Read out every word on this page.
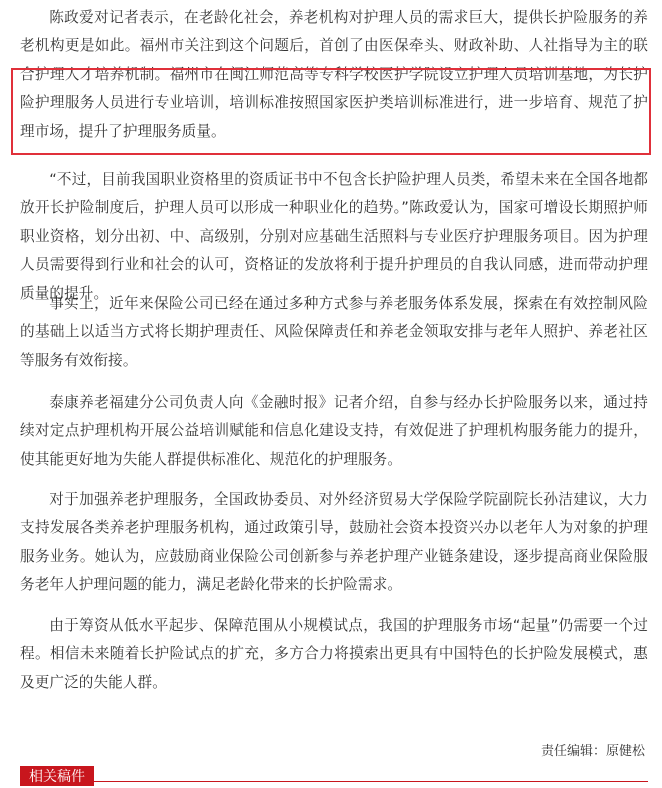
陈政爱对记者表示，在老龄化社会，养老机构对护理人员的需求巨大，提供长护险服务的养老机构更是如此。福州市关注到这个问题后，首创了由医保牵头、财政补助、人社指导为主的联合护理人才培养机制。福州市在闽江师范高等专科学校医护学院设立护理人员培训基地，为长护险护理服务人员进行专业培训，培训标准按照国家医护类培训标准进行，进一步培育、规范了护理市场，提升了护理服务质量。

“不过，目前我国职业资格里的资质证书中不包含长护险护理人员类，希望未来在全国各地都放开长护险制度后，护理人员可以形成一种职业化的趋势。”陈政爱认为，国家可增设长期照护师职业资格，划分出初、中、高级别，分别对应基础生活照料与专业医疗护理服务项目。因为护理人员需要得到行业和社会的认可，资格证的发放将利于提升护理员的自我认同感，进而带动护理质量的提升。

事实上，近年来保险公司已经在通过多种方式参与养老服务体系发展，探索在有效控制风险的基础上以适当方式将长期护理责任、风险保障责任和养老金领取安排与老年人照护、养老社区等服务有效衔接。

泰康养老福建分公司负责人向《金融时报》记者介绍，自参与经办长护险服务以来，通过持续对定点护理机构开展公益培训赋能和信息化建设支持，有效促进了护理机构服务能力的提升，使其能更好地为失能人群提供标准化、规范化的护理服务。

对于加强养老护理服务，全国政协委员、对外经济贸易大学保险学院副院长孙洁建议，大力支持发展各类养老护理服务机构，通过政策引导，鼓励社会资本投资兴办以老年人为对象的护理服务业务。她认为，应鼓励商业保险公司创新参与养老护理产业链条建设，逐步提高商业保险服务老年人护理问题的能力，满足老龄化带来的长护险需求。

由于筹资从低水平起步、保障范围从小规模试点，我国的护理服务市场“起量”仍需要一个过程。相信未来随着长护险试点的扩充，多方合力将摸索出更具有中国特色的长护险发展模式，惠及更广泛的失能人群。

责任编辑：原健松
相关稿件
